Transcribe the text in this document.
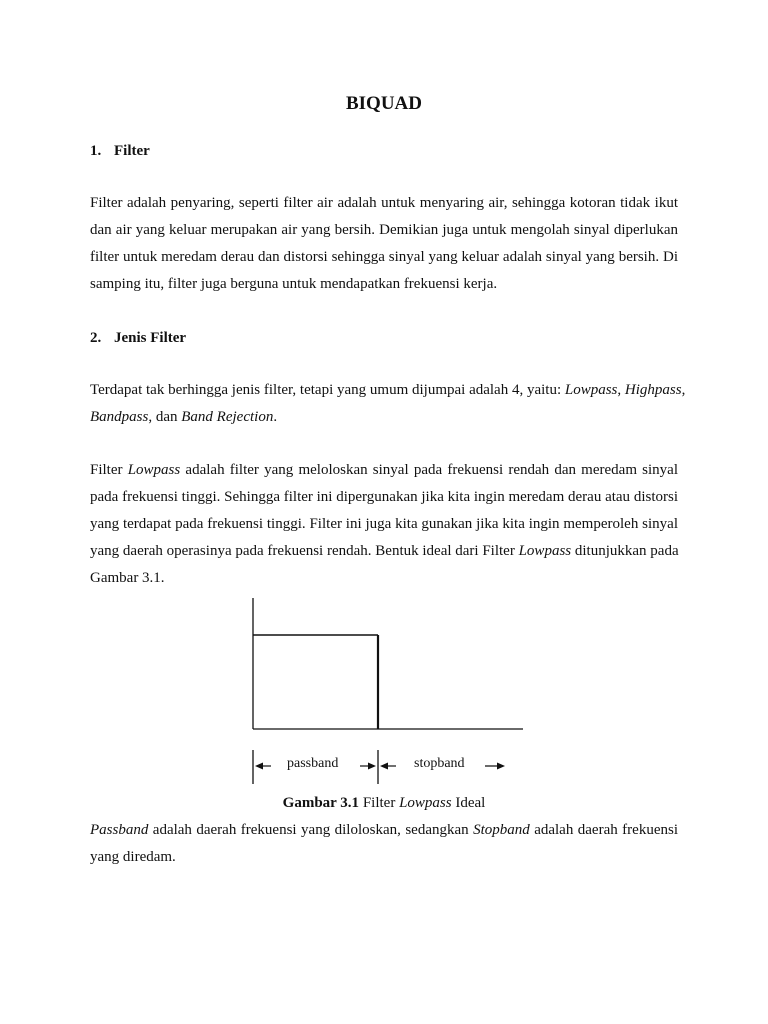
BIQUAD
1. Filter

Filter adalah penyaring, seperti filter air adalah untuk menyaring air, sehingga kotoran tidak ikut
dan air yang keluar merupakan air yang bersih. Demikian juga untuk mengolah sinyal diperlukan
filter untuk meredam derau dan distorsi sehingga sinyal yang keluar adalah sinyal yang bersih. Di
samping itu, filter juga berguna untuk mendapatkan frekuensi kerja.

2. Jenis Filter

Terdapat tak berhingga jenis filter, tetapi yang umum dijumpai adalah 4, yaitu: Lowpass, Highpass,
Bandpass, dan Band Rejection.

Filter Lowpass adalah filter yang meloloskan sinyal pada frekuensi rendah dan meredam sinyal
pada frekuensi tinggi. Sehingga filter ini dipergunakan jika kita ingin meredam derau atau distorsi
yang terdapat pada frekuensi tinggi. Filter ini juga kita gunakan jika kita ingin memperoleh sinyal
yang daerah operasinya pada frekuensi rendah. Bentuk ideal dari Filter Lowpass ditunjukkan pada
Gambar 3.1.

passband	stopband

Gambar 3.1 Filter Lowpass Ideal

Passband adalah daerah frekuensi yang diloloskan, sedangkan Stopband adalah daerah frekuensi
yang diredam.
